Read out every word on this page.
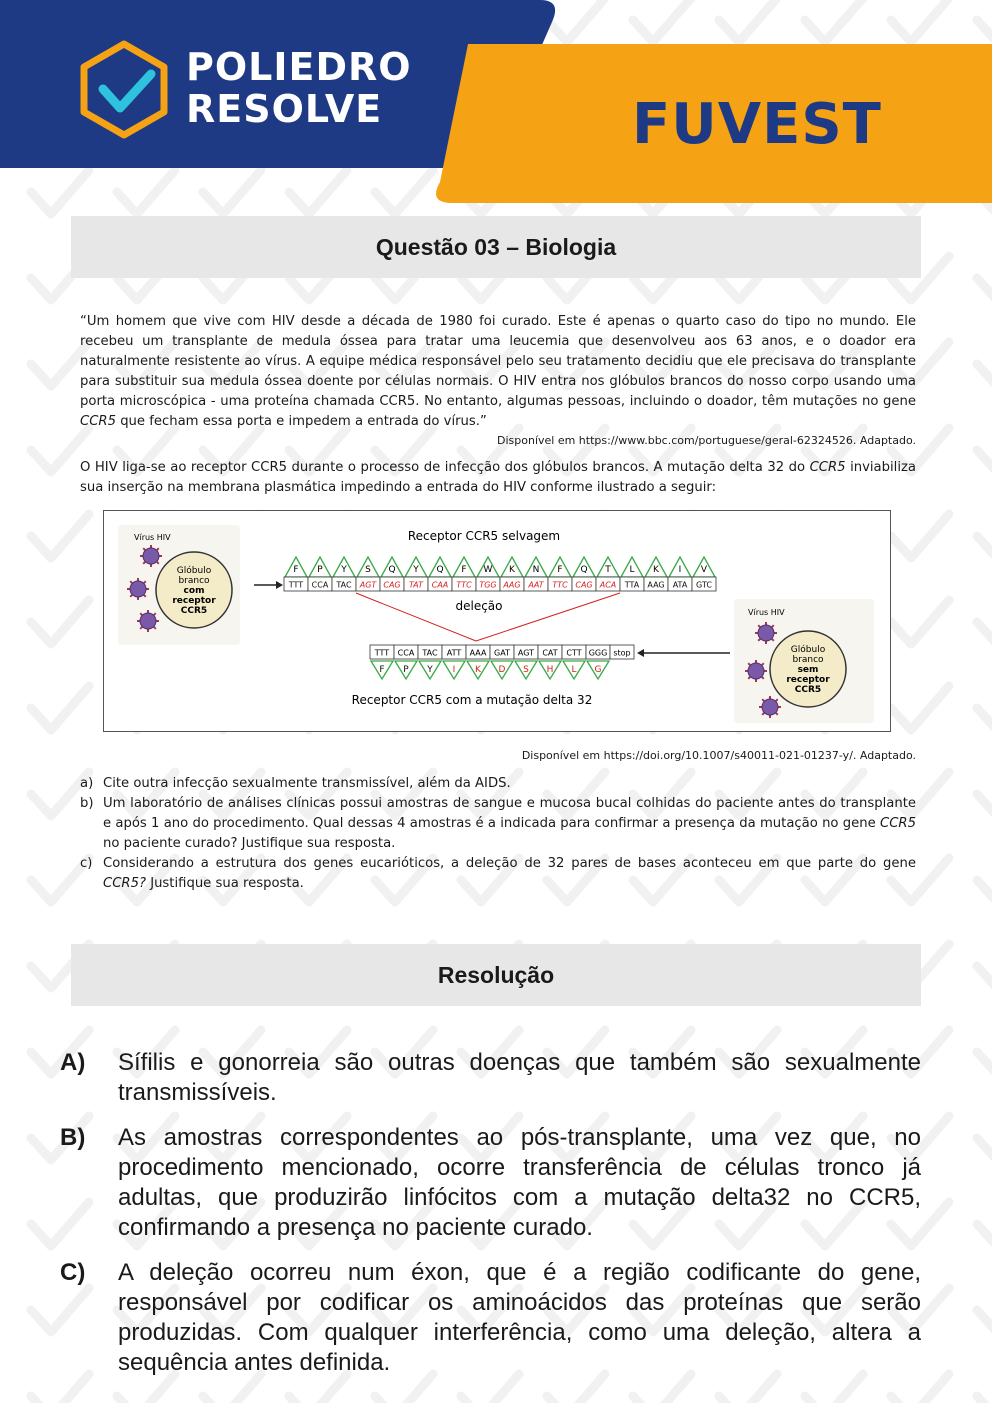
POLIEDRO
RESOLVE	FUVEST
Questão 03 – Biologia

“Um homem que vive com HIV desde a década de 1980 foi curado. Este é apenas o quarto caso do tipo no mundo. Ele recebeu um transplante de medula óssea para tratar uma leucemia que desenvolveu aos 63 anos, e o doador era naturalmente resistente ao vírus. A equipe médica responsável pelo seu tratamento decidiu que ele precisava do transplante para substituir sua medula óssea doente por células normais. O HIV entra nos glóbulos brancos do nosso corpo usando uma porta microscópica - uma proteína chamada CCR5. No entanto, algumas pessoas, incluindo o doador, têm mutações no gene CCR5 que fecham essa porta e impedem a entrada do vírus.”

Disponível em https://www.bbc.com/portuguese/geral-62324526. Adaptado.

O HIV liga-se ao receptor CCR5 durante o processo de infecção dos glóbulos brancos. A mutação delta 32 do CCR5 inviabiliza sua inserção na membrana plasmática impedindo a entrada do HIV conforme ilustrado a seguir:

Receptor CCR5 selvagem
Receptor CCR5 com a mutação delta 32
deleção
Vírus HIV
Glóbulo
branco
com
receptor
CCR5	Vírus HIV
Glóbulo
branco
sem
receptor
CCR5
F P Y S Q Y Q F W K N F Q T L K I V
TTT CCA TAC AGT CAG TAT CAA TTC TGG AAG AAT TTC CAG ACA TTA AAG ATA GTC
TTT CCA TAC ATT AAA GAT AGT CAT CTT GGG stop
F P Y I K D S H L G
Disponível em https://doi.org/10.1007/s40011-021-01237-y/. Adaptado.
a) Cite outra infecção sexualmente transmissível, além da AIDS.
b) Um laboratório de análises clínicas possui amostras de sangue e mucosa bucal colhidas do paciente antes do transplante e após 1 ano do procedimento. Qual dessas 4 amostras é a indicada para confirmar a presença da mutação no gene CCR5 no paciente curado? Justifique sua resposta.
c) Considerando a estrutura dos genes eucarióticos, a deleção de 32 pares de bases aconteceu em que parte do gene CCR5? Justifique sua resposta.
Resolução
A)	Sífilis e gonorreia são outras doenças que também são sexualmente transmissíveis.
B)	As amostras correspondentes ao pós-transplante, uma vez que, no procedimento mencionado, ocorre transferência de células tronco já adultas, que produzirão linfócitos com a mutação delta32 no CCR5, confirmando a presença no paciente curado.
C)	A deleção ocorreu num éxon, que é a região codificante do gene, responsável por codificar os aminoácidos das proteínas que serão produzidas. Com qualquer interferência, como uma deleção, altera a sequência antes definida.
